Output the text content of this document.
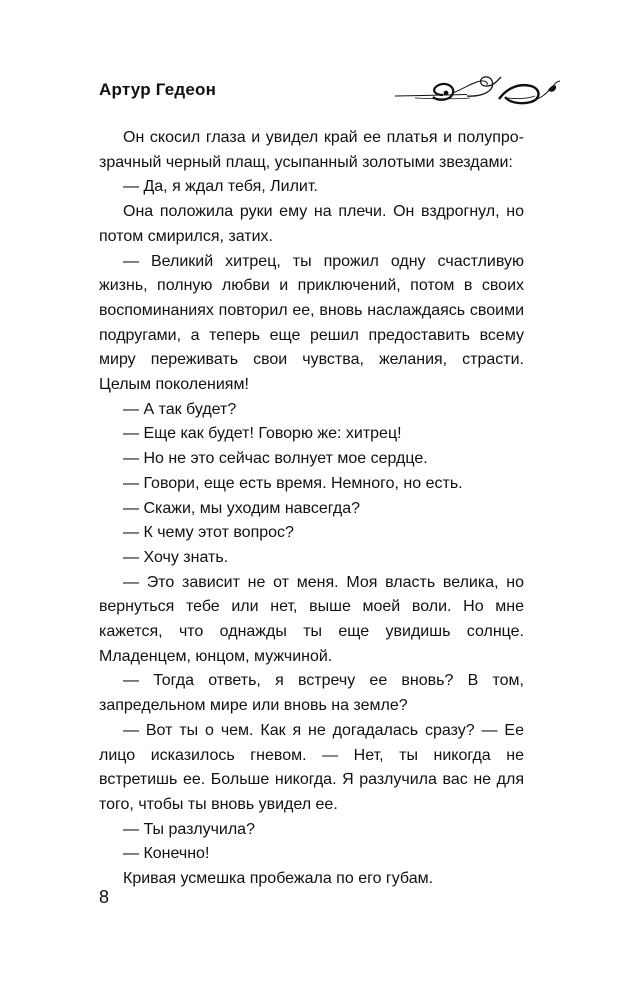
Артур Гедеон

Он скосил глаза и увидел край ее платья и полупрозрачный черный плащ, усыпанный золотыми звездами:

— Да, я ждал тебя, Лилит.

Она положила руки ему на плечи. Он вздрогнул, но потом смирился, затих.

— Великий хитрец, ты прожил одну счастливую жизнь, полную любви и приключений, потом в своих воспоминаниях повторил ее, вновь наслаждаясь своими подругами, а теперь еще решил предоставить всему миру переживать свои чувства, желания, страсти. Целым поколениям!

— А так будет?

— Еще как будет! Говорю же: хитрец!

— Но не это сейчас волнует мое сердце.

— Говори, еще есть время. Немного, но есть.

— Скажи, мы уходим навсегда?

— К чему этот вопрос?

— Хочу знать.

— Это зависит не от меня. Моя власть велика, но вернуться тебе или нет, выше моей воли. Но мне кажется, что однажды ты еще увидишь солнце. Младенцем, юнцом, мужчиной.

— Тогда ответь, я встречу ее вновь? В том, запредельном мире или вновь на земле?

— Вот ты о чем. Как я не догадалась сразу? — Ее лицо исказилось гневом. — Нет, ты никогда не встретишь ее. Больше никогда. Я разлучила вас не для того, чтобы ты вновь увидел ее.

— Ты разлучила?

— Конечно!

Кривая усмешка пробежала по его губам.

8
